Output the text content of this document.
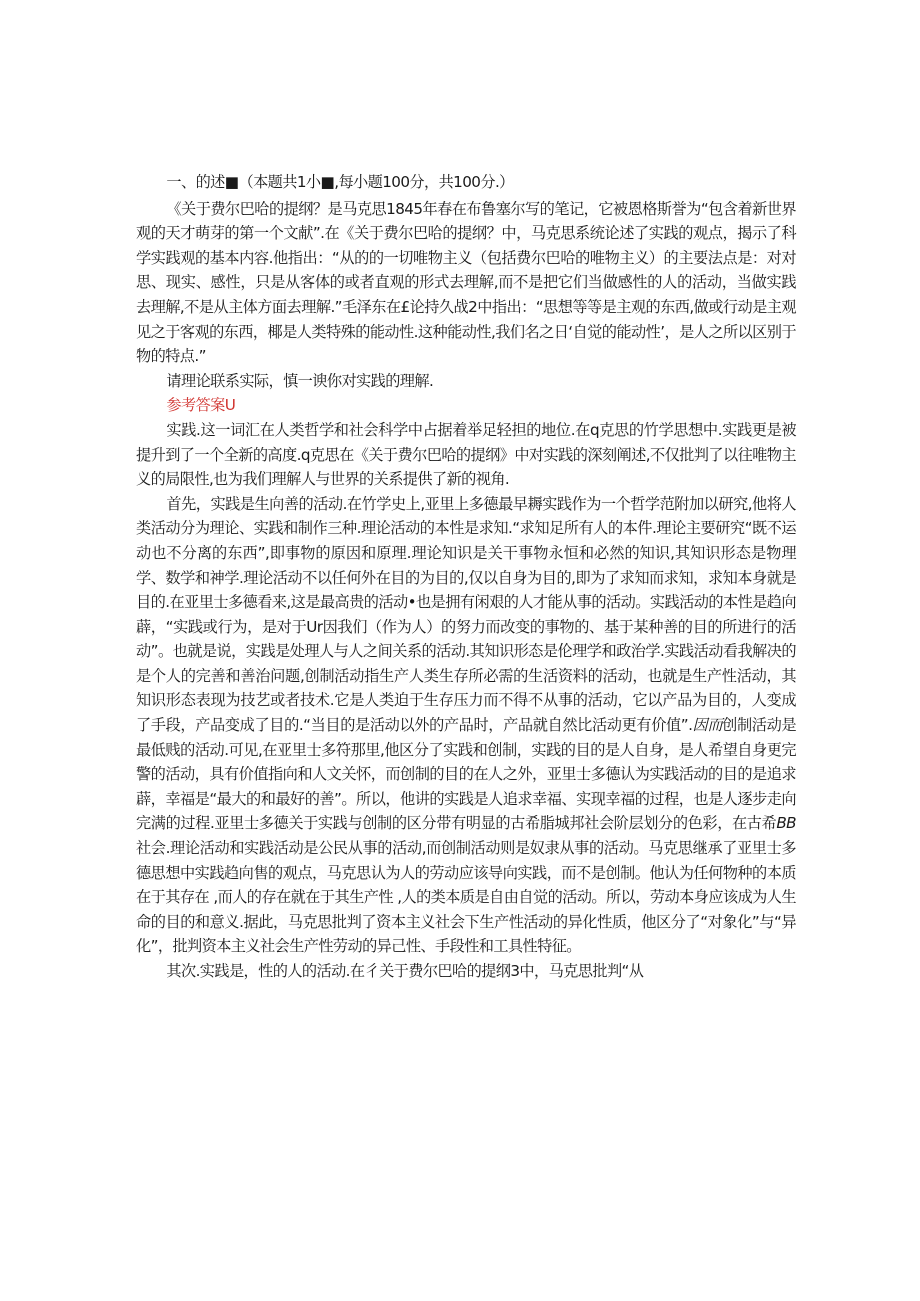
一、的述■（本题共1小■,每小题100分，共100分.）

《关于费尔巴哈的提纲？是马克思1845年春在布鲁塞尔写的笔记，它被恩格斯誉为“包含着新世界观的天才萌芽的第一个文献”.在《关于费尔巴哈的提纲？中，马克思系统论述了实践的观点，揭示了科学实践观的基本内容.他指出：“从的的一切唯物主义（包括费尔巴哈的唯物主义）的主要法点是：对对思、现实、感性，只是从客体的或者直观的形式去理解,而不是把它们当做感性的人的活动，当做实践去理解,不是从主体方面去理解.”毛泽东在£论持久战2中指出：“思想等等是主观的东西,做或行动是主观见之于客观的东西，椰是人类特殊的能动性.这种能动性,我们名之日‘自觉的能动性’，是人之所以区别于物的特点.”

请理论联系实际，慎一谀你对实践的理解.

参考答案U

实践.这一词汇在人类哲学和社会科学中占据着举足轻担的地位.在q克思的竹学思想中.实践更是被提升到了一个全新的高度.q克思在《关于费尔巴哈的提纲》中对实践的深刻阐述,不仅批判了以往唯物主义的局限性,也为我们理解人与世界的关系提供了新的视角.

首先，实践是生向善的活动.在竹学史上,亚里上多德最早耨实践作为一个哲学范附加以研究,他将人类活动分为理论、实践和制作三种.理论活动的本性是求知.“求知足所有人的本件.理论主要研究“既不运动也不分离的东西”,即事物的原因和原理.理论知识是关干事物永恒和必然的知识,其知识形态是物理学、数学和神学.理论活动不以任何外在目的为目的,仅以自身为目的,即为了求知而求知，求知本身就是目的.在亚里士多德看来,这是最高贵的活动•也是拥有闲艰的人才能从事的活动。实践活动的本性是趋向薜，“实践或行为，是对于Ur因我们（作为人）的努力而改变的事物的、基于某种善的目的所进行的活动”。也就是说，实践是处理人与人之间关系的活动.其知识形态是伦理学和政治学.实践活动看我解决的是个人的完善和善治问题,创制活动指生产人类生存所必需的生活资料的活动，也就是生产性活动，其知识形态表现为技艺或者技术.它是人类迫于生存压力而不得不从事的活动，它以产品为目的，人变成了手段，产品变成了目的.“当目的是活动以外的产品时，产品就自然比活动更有价值”.因而创制活动是最低贱的活动.可见,在亚里士多符那里,他区分了实践和创制，实践的目的是人自身，是人希望自身更完警的活动，具有价值指向和人文关怀，而创制的目的在人之外，亚里士多德认为实践活动的目的是追求薜，幸福是“最大的和最好的善”。所以，他讲的实践是人追求幸福、实现幸福的过程，也是人逐步走向完满的过程.亚里士多德关于实践与创制的区分带有明显的古希脂城邦社会阶层划分的色彩，在古希BB社会.理论活动和实践活动是公民从事的活动,而创制活动则是奴隶从事的活动。马克思继承了亚里士多德思想中实践趋向售的观点，马克思认为人的劳动应该导向实践，而不是创制。他认为任何物种的本质在于其存在 ,而人的存在就在于其生产性 ,人的类本质是自由自觉的活动。所以，劳动本身应该成为人生命的目的和意义.据此，马克思批判了资本主义社会下生产性活动的异化性质，他区分了“对象化”与“异化”，批判资本主义社会生产性劳动的异己性、手段性和工具性特征。

其次.实践是，性的人的活动.在彳关于费尔巴哈的提纲3中，马克思批判“从
